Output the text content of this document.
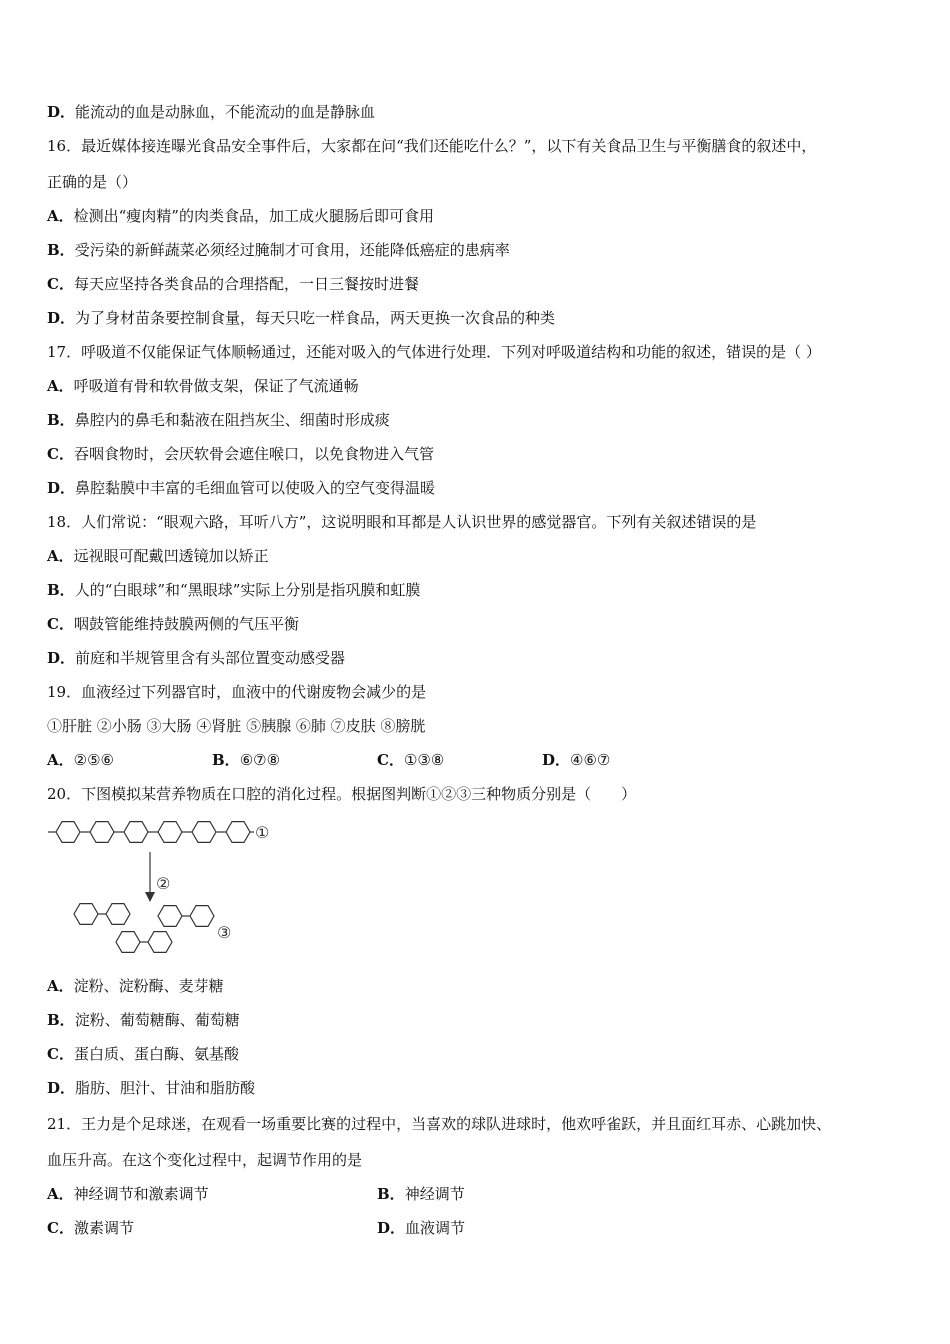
D．能流动的血是动脉血，不能流动的血是静脉血
16．最近媒体接连曝光食品安全事件后，大家都在问“我们还能吃什么？”，以下有关食品卫生与平衡膳食的叙述中，
正确的是（）
A．检测出“瘦肉精”的肉类食品，加工成火腿肠后即可食用
B．受污染的新鲜蔬菜必须经过腌制才可食用，还能降低癌症的患病率
C．每天应坚持各类食品的合理搭配，一日三餐按时进餐
D．为了身材苗条要控制食量，每天只吃一样食品，两天更换一次食品的种类
17．呼吸道不仅能保证气体顺畅通过，还能对吸入的气体进行处理．下列对呼吸道结构和功能的叙述，错误的是（ ）
A．呼吸道有骨和软骨做支架，保证了气流通畅
B．鼻腔内的鼻毛和黏液在阻挡灰尘、细菌时形成痰
C．吞咽食物时，会厌软骨会遮住喉口，以免食物进入气管
D．鼻腔黏膜中丰富的毛细血管可以使吸入的空气变得温暖
18．人们常说：“眼观六路，耳听八方”，这说明眼和耳都是人认识世界的感觉器官。下列有关叙述错误的是
A．远视眼可配戴凹透镜加以矫正
B．人的“白眼球”和“黑眼球”实际上分别是指巩膜和虹膜
C．咽鼓管能维持鼓膜两侧的气压平衡
D．前庭和半规管里含有头部位置变动感受器
19．血液经过下列器官时，血液中的代谢废物会减少的是
①肝脏 ②小肠 ③大肠 ④肾脏 ⑤胰腺 ⑥肺 ⑦皮肤 ⑧膀胱
A．②⑤⑥	B．⑥⑦⑧	C．①③⑧	D．④⑥⑦
20．下图模拟某营养物质在口腔的消化过程。根据图判断①②③三种物质分别是（　　）
①
②
③
A．淀粉、淀粉酶、麦芽糖
B．淀粉、葡萄糖酶、葡萄糖
C．蛋白质、蛋白酶、氨基酸
D．脂肪、胆汁、甘油和脂肪酸
21．王力是个足球迷，在观看一场重要比赛的过程中，当喜欢的球队进球时，他欢呼雀跃，并且面红耳赤、心跳加快、
血压升高。在这个变化过程中，起调节作用的是
A．神经调节和激素调节	B．神经调节
C．激素调节	D．血液调节
